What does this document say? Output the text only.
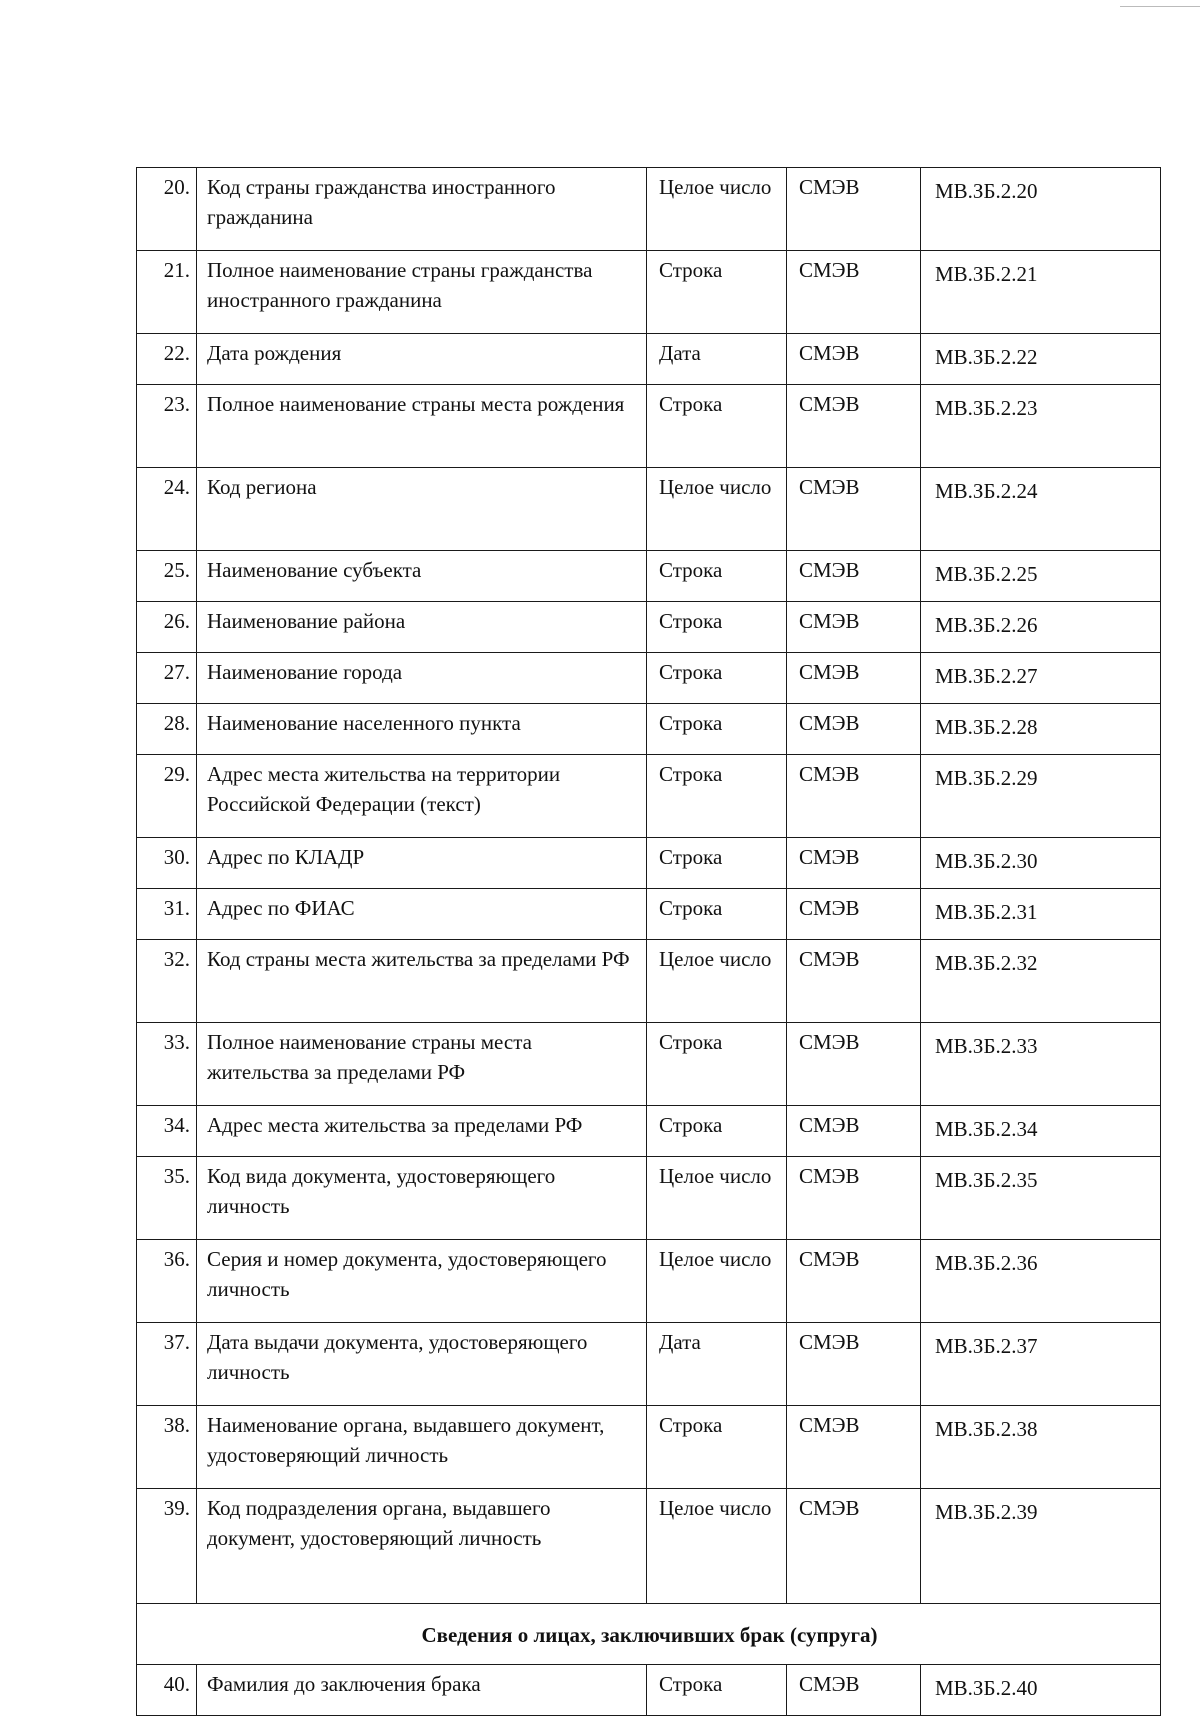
20.	Код страны гражданства иностранного гражданина	Целое число	СМЭВ	МВ.ЗБ.2.20
21.	Полное наименование страны гражданства иностранного гражданина	Строка	СМЭВ	МВ.ЗБ.2.21
22.	Дата рождения	Дата	СМЭВ	МВ.ЗБ.2.22
23.	Полное наименование страны места рождения	Строка	СМЭВ	МВ.ЗБ.2.23
24.	Код региона	Целое число	СМЭВ	МВ.ЗБ.2.24
25.	Наименование субъекта	Строка	СМЭВ	МВ.ЗБ.2.25
26.	Наименование района	Строка	СМЭВ	МВ.ЗБ.2.26
27.	Наименование города	Строка	СМЭВ	МВ.ЗБ.2.27
28.	Наименование населенного пункта	Строка	СМЭВ	МВ.ЗБ.2.28
29.	Адрес места жительства на территории Российской Федерации (текст)	Строка	СМЭВ	МВ.ЗБ.2.29
30.	Адрес по КЛАДР	Строка	СМЭВ	МВ.ЗБ.2.30
31.	Адрес по ФИАС	Строка	СМЭВ	МВ.ЗБ.2.31
32.	Код страны места жительства за пределами РФ	Целое число	СМЭВ	МВ.ЗБ.2.32
33.	Полное наименование страны места жительства за пределами РФ	Строка	СМЭВ	МВ.ЗБ.2.33
34.	Адрес места жительства за пределами РФ	Строка	СМЭВ	МВ.ЗБ.2.34
35.	Код вида документа, удостоверяющего личность	Целое число	СМЭВ	МВ.ЗБ.2.35
36.	Серия и номер документа, удостоверяющего личность	Целое число	СМЭВ	МВ.ЗБ.2.36
37.	Дата выдачи документа, удостоверяющего личность	Дата	СМЭВ	МВ.ЗБ.2.37
38.	Наименование органа, выдавшего документ, удостоверяющий личность	Строка	СМЭВ	МВ.ЗБ.2.38
39.	Код подразделения органа, выдавшего документ, удостоверяющий личность	Целое число	СМЭВ	МВ.ЗБ.2.39
Сведения о лицах, заключивших брак (супруга)				
40.	Фамилия до заключения брака	Строка	СМЭВ	МВ.ЗБ.2.40
